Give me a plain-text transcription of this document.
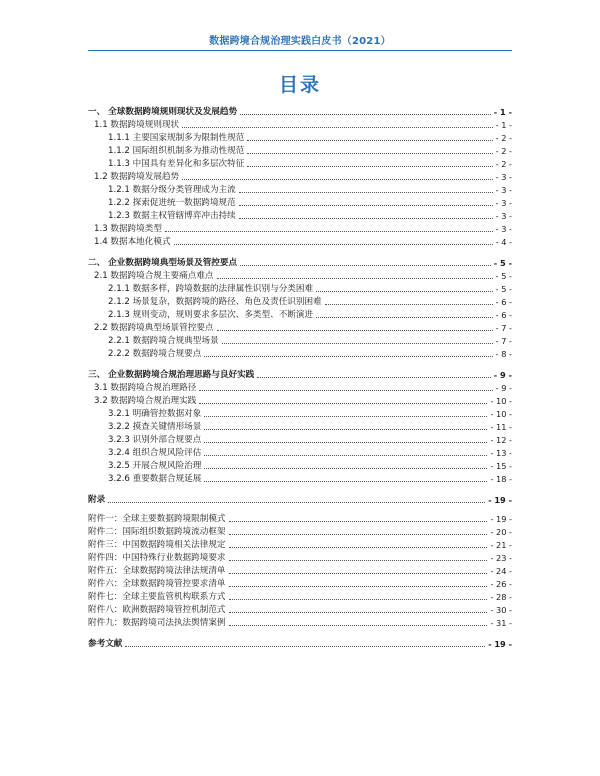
数据跨境合规治理实践白皮书（2021）
目录
一、 全球数据跨境规则现状及发展趋势	- 1 -
1.1 数据跨境规则现状	- 1 -
1.1.1 主要国家规制多为限制性规范	- 2 -
1.1.2 国际组织机制多为推动性规范	- 2 -
1.1.3 中国具有差异化和多层次特征	- 2 -
1.2 数据跨境发展趋势	- 3 -
1.2.1 数据分级分类管理成为主流	- 3 -
1.2.2 探索促进统一数据跨境规范	- 3 -
1.2.3 数据主权管辖博弈冲击持续	- 3 -
1.3 数据跨境类型	- 3 -
1.4 数据本地化模式	- 4 -
二、 企业数据跨境典型场景及管控要点	- 5 -
2.1 数据跨境合规主要痛点难点	- 5 -
2.1.1 数据多样，跨境数据的法律属性识别与分类困难	- 5 -
2.1.2 场景复杂，数据跨境的路径、角色及责任识别困难	- 6 -
2.1.3 规则变动，规则要求多层次、多类型、不断演进	- 6 -
2.2 数据跨境典型场景管控要点	- 7 -
2.2.1 数据跨境合规典型场景	- 7 -
2.2.2 数据跨境合规要点	- 8 -
三、 企业数据跨境合规治理思路与良好实践	- 9 -
3.1 数据跨境合规治理路径	- 9 -
3.2 数据跨境合规治理实践	- 10 -
3.2.1 明确管控数据对象	- 10 -
3.2.2 摸查关键情形场景	- 11 -
3.2.3 识别外部合规要点	- 12 -
3.2.4 组织合规风险评估	- 13 -
3.2.5 开展合规风险治理	- 15 -
3.2.6 重要数据合规延展	- 18 -
附录	- 19 -
附件一：全球主要数据跨境限制模式	- 19 -
附件二：国际组织数据跨境流动框架	- 20 -
附件三：中国数据跨境相关法律规定	- 21 -
附件四：中国特殊行业数据跨境要求	- 23 -
附件五：全球数据跨境法律法规清单	- 24 -
附件六：全球数据跨境管控要求清单	- 26 -
附件七：全球主要监管机构联系方式	- 28 -
附件八：欧洲数据跨境管控机制范式	- 30 -
附件九：数据跨境司法执法舆情案例	- 31 -
参考文献	- 19 -
